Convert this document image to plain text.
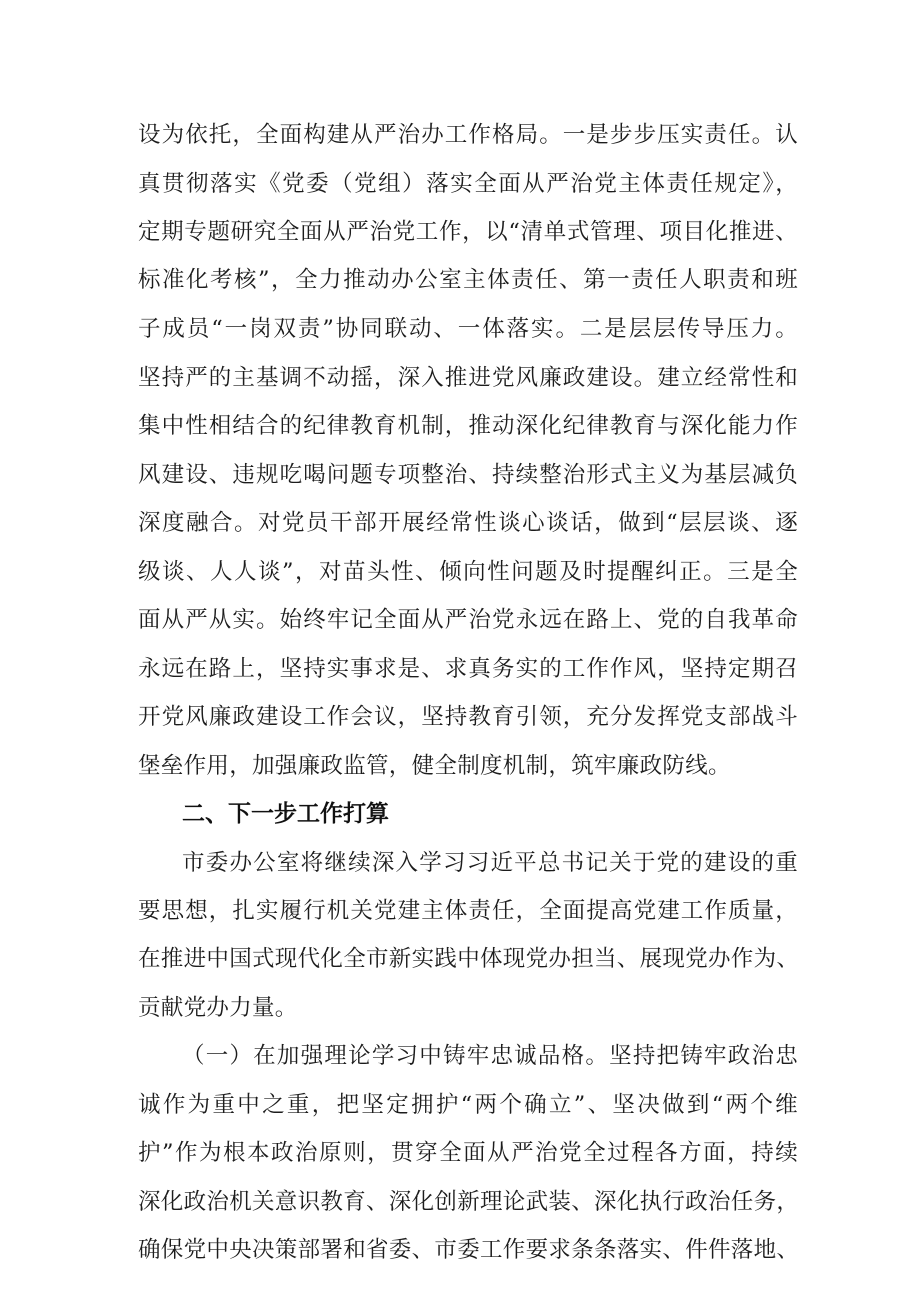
设为依托，全面构建从严治办工作格局。一是步步压实责任。认
真贯彻落实《党委（党组）落实全面从严治党主体责任规定》，
定期专题研究全面从严治党工作，以“清单式管理、项目化推进、
标准化考核”，全力推动办公室主体责任、第一责任人职责和班
子成员“一岗双责”协同联动、一体落实。二是层层传导压力。
坚持严的主基调不动摇，深入推进党风廉政建设。建立经常性和
集中性相结合的纪律教育机制，推动深化纪律教育与深化能力作
风建设、违规吃喝问题专项整治、持续整治形式主义为基层减负
深度融合。对党员干部开展经常性谈心谈话，做到“层层谈、逐
级谈、人人谈”，对苗头性、倾向性问题及时提醒纠正。三是全
面从严从实。始终牢记全面从严治党永远在路上、党的自我革命
永远在路上，坚持实事求是、求真务实的工作作风，坚持定期召
开党风廉政建设工作会议，坚持教育引领，充分发挥党支部战斗
堡垒作用，加强廉政监管，健全制度机制，筑牢廉政防线。
二、下一步工作打算
市委办公室将继续深入学习习近平总书记关于党的建设的重
要思想，扎实履行机关党建主体责任，全面提高党建工作质量，
在推进中国式现代化全市新实践中体现党办担当、展现党办作为、
贡献党办力量。
（一）在加强理论学习中铸牢忠诚品格。坚持把铸牢政治忠
诚作为重中之重，把坚定拥护“两个确立”、坚决做到“两个维
护”作为根本政治原则，贯穿全面从严治党全过程各方面，持续
深化政治机关意识教育、深化创新理论武装、深化执行政治任务，
确保党中央决策部署和省委、市委工作要求条条落实、件件落地、
